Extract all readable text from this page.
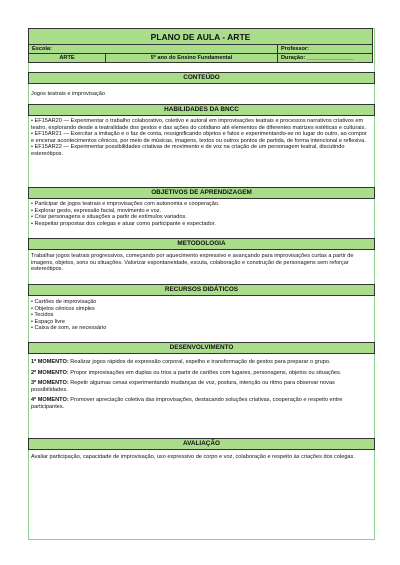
PLANO DE AULA - ARTE		
Escola:		Professor:
ARTE	5º ano do Ensino Fundamental	Duração: _______________
CONTEÚDO
Jogos teatrais e improvisação
HABILIDADES DA BNCC
• EF15AR20 — Experimentar o trabalho colaborativo, coletivo e autoral em improvisações teatrais e processos narrativos criativos em teatro, explorando desde a teatralidade dos gestos e das ações do cotidiano até elementos de diferentes matrizes estéticas e culturais.
• EF15AR21 — Exercitar a imitação e o faz de conta, ressignificando objetos e fatos e experimentando-se no lugar do outro, ao compor e encenar acontecimentos cênicos, por meio de músicas, imagens, textos ou outros pontos de partida, de forma intencional e reflexiva.
• EF15AR22 — Experimentar possibilidades criativas de movimento e de voz na criação de um personagem teatral, discutindo estereótipos.
OBJETIVOS DE APRENDIZAGEM
• Participar de jogos teatrais e improvisações com autonomia e cooperação.
• Explorar gesto, expressão facial, movimento e voz.
• Criar personagens e situações a partir de estímulos variados.
• Respeitar propostas dos colegas e atuar como participante e espectador.
METODOLOGIA
Trabalhar jogos teatrais progressivos, começando por aquecimento expressivo e avançando para improvisações curtas a partir de imagens, objetos, sons ou situações. Valorizar espontaneidade, escuta, colaboração e construção de personagens sem reforçar estereótipos.
RECURSOS DIDÁTICOS
• Cartões de improvisação
• Objetos cênicos simples
• Tecidos
• Espaço livre
• Caixa de som, se necessário
DESENVOLVIMENTO

1º MOMENTO: Realizar jogos rápidos de expressão corporal, espelho e transformação de gestos para preparar o grupo.

2º MOMENTO: Propor improvisações em duplas ou trios a partir de cartões com lugares, personagens, objetos ou situações.

3º MOMENTO: Repetir algumas cenas experimentando mudanças de voz, postura, intenção ou ritmo para observar novas possibilidades.

4º MOMENTO: Promover apreciação coletiva das improvisações, destacando soluções criativas, cooperação e respeito entre participantes.

AVALIAÇÃO
Avaliar participação, capacidade de improvisação, uso expressivo de corpo e voz, colaboração e respeito às criações dos colegas.
